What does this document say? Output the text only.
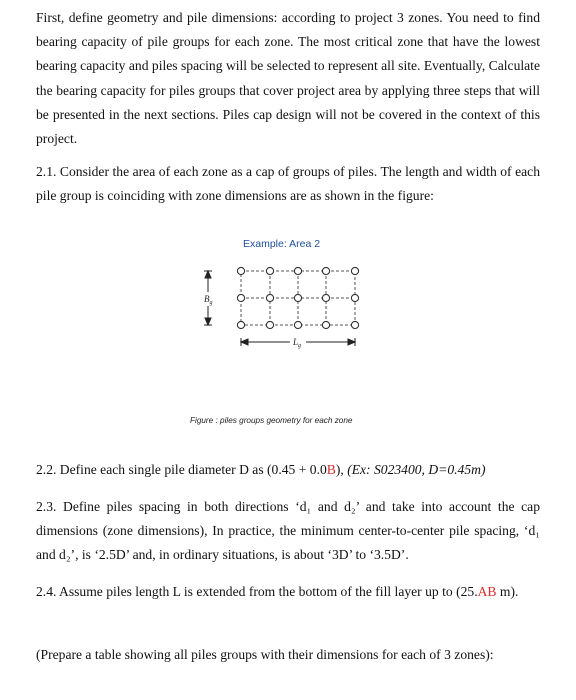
First, define geometry and pile dimensions: according to project 3 zones. You need to find bearing capacity of pile groups for each zone. The most critical zone that have the lowest bearing capacity and piles spacing will be selected to represent all site. Eventually, Calculate the bearing capacity for piles groups that cover project area by applying three steps that will be presented in the next sections. Piles cap design will not be covered in the context of this project.

2.1. Consider the area of each zone as a cap of groups of piles. The length and width of each pile group is coinciding with zone dimensions are as shown in the figure:

Example: Area 2
$B_g$
$L_g$
Figure : piles groups geometry for each zone

2.2. Define each single pile diameter D as (0.45 + 0.0B), (Ex: S023400, D=0.45m)

2.3. Define piles spacing in both directions ‘d₁ and d₂’ and take into account the cap dimensions (zone dimensions), In practice, the minimum center-to-center pile spacing, ‘d₁ and d₂’, is ‘2.5D’ and, in ordinary situations, is about ‘3D’ to ‘3.5D’.

2.4. Assume piles length L is extended from the bottom of the fill layer up to (25.AB m).

(Prepare a table showing all piles groups with their dimensions for each of 3 zones):
